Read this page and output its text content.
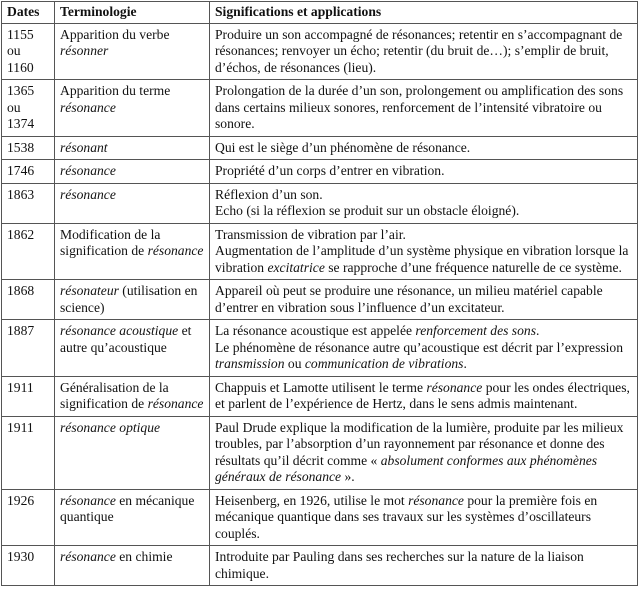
Dates	Terminologie	Significations et applications
1155 ou 1160	Apparition du verbe résonner	Produire un son accompagné de résonances; retentir en s’accompagnant de résonances; renvoyer un écho; retentir (du bruit de…); s’emplir de bruit, d’échos, de résonances (lieu).
1365 ou 1374	Apparition du terme résonance	Prolongation de la durée d’un son, prolongement ou amplification des sons dans certains milieux sonores, renforcement de l’intensité vibratoire ou sonore.
1538	résonant	Qui est le siège d’un phénomène de résonance.
1746	résonance	Propriété d’un corps d’entrer en vibration.
1863	résonance	Réflexion d’un son.
Echo (si la réflexion se produit sur un obstacle éloigné).
1862	Modification de la signification de résonance	Transmission de vibration par l’air.
Augmentation de l’amplitude d’un système physique en vibration lorsque la vibration excitatrice se rapproche d’une fréquence naturelle de ce système.
1868	résonateur (utilisation en science)	Appareil où peut se produire une résonance, un milieu matériel capable d’entrer en vibration sous l’influence d’un excitateur.
1887	résonance acoustique et autre qu’acoustique	La résonance acoustique est appelée renforcement des sons.
Le phénomène de résonance autre qu’acoustique est décrit par l’expression transmission ou communication de vibrations.
1911	Généralisation de la signification de résonance	Chappuis et Lamotte utilisent le terme résonance pour les ondes électriques, et parlent de l’expérience de Hertz, dans le sens admis maintenant.
1911	résonance optique	Paul Drude explique la modification de la lumière, produite par les milieux troubles, par l’absorption d’un rayonnement par résonance et donne des résultats qu’il décrit comme « absolument conformes aux phénomènes généraux de résonance ».
1926	résonance en mécanique quantique	Heisenberg, en 1926, utilise le mot résonance pour la première fois en mécanique quantique dans ses travaux sur les systèmes d’oscillateurs couplés.
1930	résonance en chimie	Introduite par Pauling dans ses recherches sur la nature de la liaison chimique.
